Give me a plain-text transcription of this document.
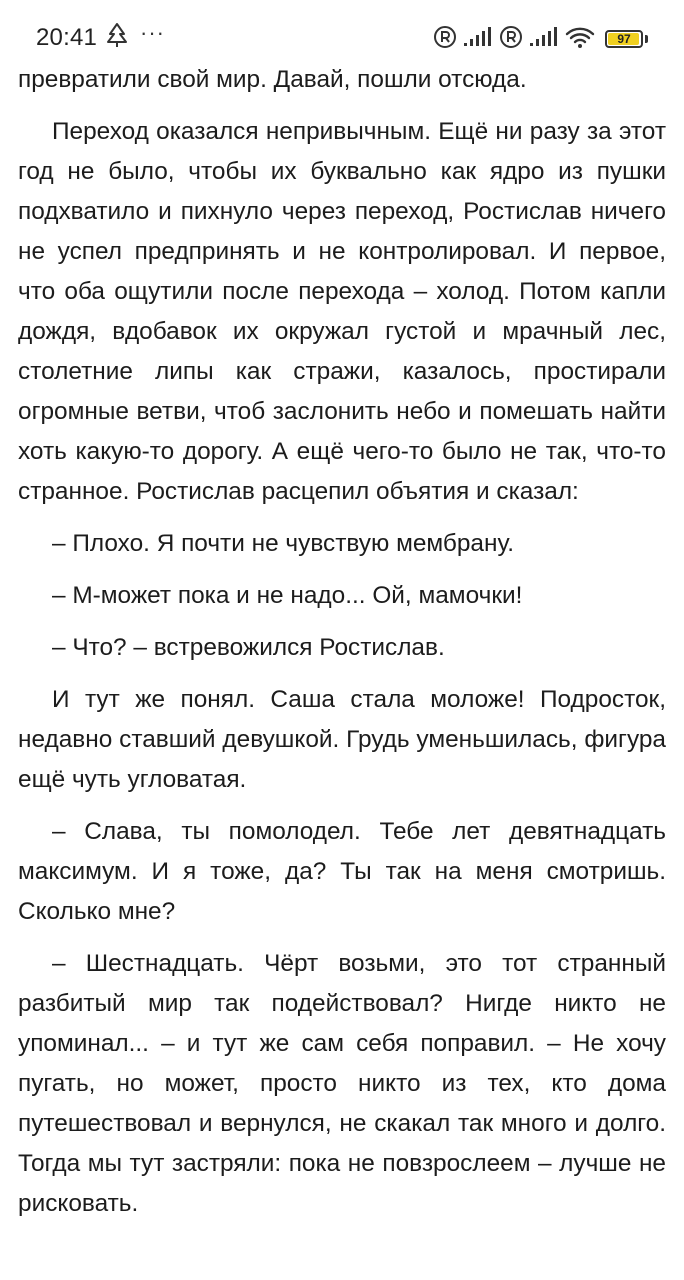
20:41 ···	97

превратили свой мир. Давай, пошли отсюда.

Переход оказался непривычным. Ещё ни разу за этот год не было, чтобы их буквально как ядро из пушки подхватило и пихнуло через переход, Ростислав ничего не успел предпринять и не контролировал. И первое, что оба ощутили после перехода – холод. Потом капли дождя, вдобавок их окружал густой и мрачный лес, столетние липы как стражи, казалось, простирали огромные ветви, чтоб заслонить небо и помешать найти хоть какую-то дорогу. А ещё чего-то было не так, что-то странное. Ростислав расцепил объятия и сказал:

– Плохо. Я почти не чувствую мембрану.

– М-может пока и не надо... Ой, мамочки!

– Что? – встревожился Ростислав.

И тут же понял. Саша стала моложе! Подросток, недавно ставший девушкой. Грудь уменьшилась, фигура ещё чуть угловатая.

– Слава, ты помолодел. Тебе лет девятнадцать максимум. И я тоже, да? Ты так на меня смотришь. Сколько мне?

– Шестнадцать. Чёрт возьми, это тот странный разбитый мир так подействовал? Нигде никто не упоминал... – и тут же сам себя поправил. – Не хочу пугать, но может, просто никто из тех, кто дома путешествовал и вернулся, не скакал так много и долго. Тогда мы тут застряли: пока не повзрослеем – лучше не рисковать.
